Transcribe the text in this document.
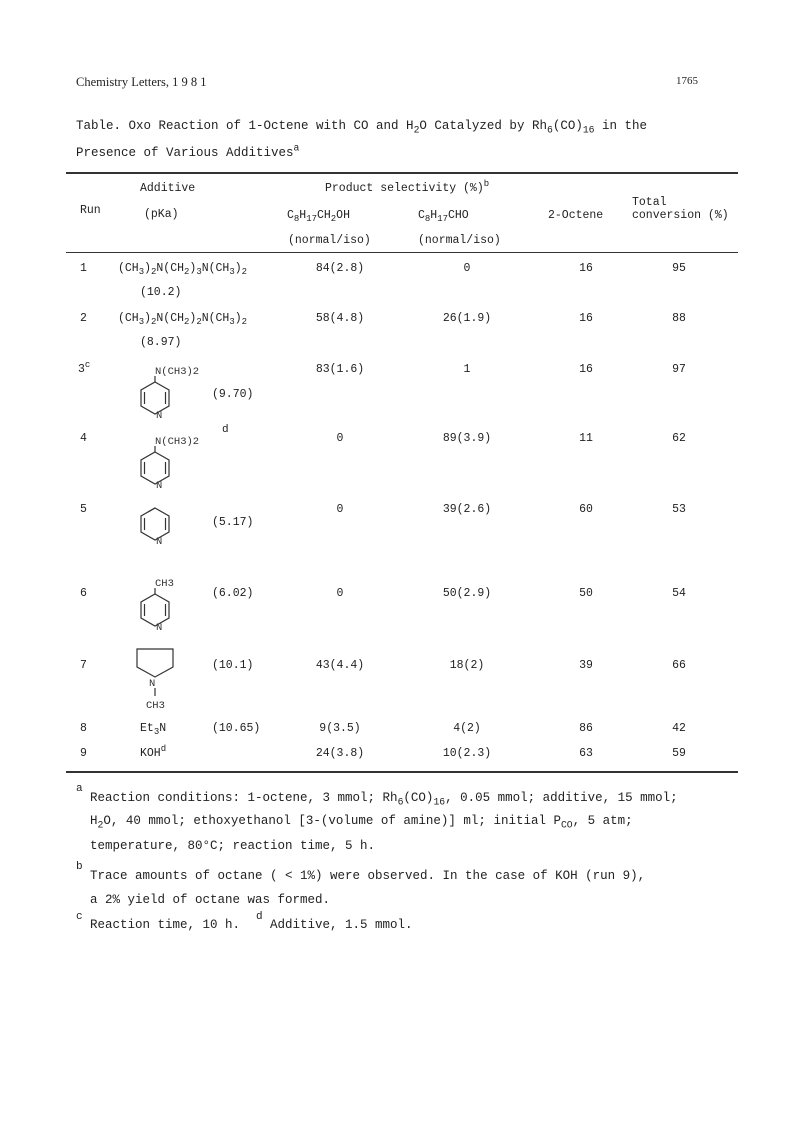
Chemistry Letters, 1 9 8 1	1765
Table. Oxo Reaction of 1-Octene with CO and $H_2O$ Catalyzed by $Rh_6(CO)_{16}$ in the
Presence of Various Additives$^a$
Additive
Run	(pKa)
Product selectivity (%)$^b$
$C_8H_{17}CH_2OH$	$C_8H_{17}CHO$
(normal/iso)	(normal/iso)
2-Octene
Total
conversion (%)
1	$(CH_3)_2N(CH_2)_3N(CH_3)_2$
(10.2)
84(2.8)	0	16	95
2	$(CH_3)_2N(CH_2)_2N(CH_3)_2$
(8.97)
58(4.8)	26(1.9)	16	88
3$^c$
N(CH3)2
N
(9.70)
83(1.6)	1	16	97
4	N(CH3)2
N
d
0	89(3.9)	11	62
5
N
(5.17)
0	39(2.6)	60	53
6
CH3
N
(6.02)	0	50(2.9)	50	54
7
N
CH3
(10.1)	43(4.4)	18(2)	39	66
8	$Et_3N$	(10.65)	9(3.5)	4(2)	86	42
9	KOH$^d$	24(3.8)	10(2.3)	63	59
a
Reaction conditions: 1-octene, 3 mmol; $Rh_6(CO)_{16}$, 0.05 mmol; additive, 15 mmol;
$H_2O$, 40 mmol; ethoxyethanol [3-(volume of amine)] ml; initial $P_{CO}$, 5 atm;
temperature, 80°C; reaction time, 5 h.
b
Trace amounts of octane ( < 1%) were observed. In the case of KOH (run 9),
a 2% yield of octane was formed.
c
Reaction time, 10 h.
d
Additive, 1.5 mmol.
